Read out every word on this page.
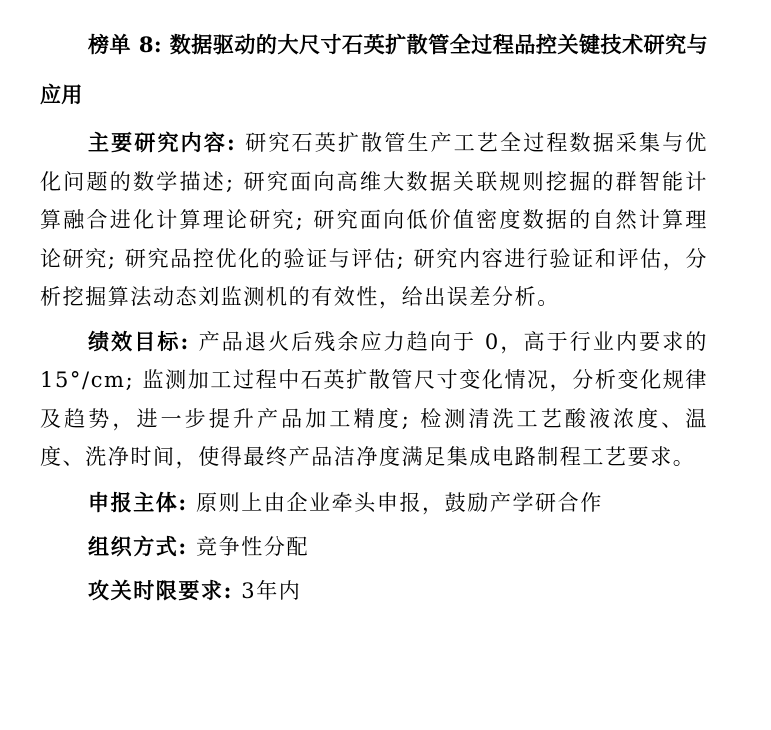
榜单 8: 数据驱动的大尺寸石英扩散管全过程品控关键技术研究与应用

主要研究内容: 研究石英扩散管生产工艺全过程数据采集与优化问题的数学描述; 研究面向高维大数据关联规则挖掘的群智能计算融合进化计算理论研究; 研究面向低价值密度数据的自然计算理论研究; 研究品控优化的验证与评估; 研究内容进行验证和评估，分析挖掘算法动态刘监测机的有效性，给出误差分析。

绩效目标: 产品退火后残余应力趋向于 0，高于行业内要求的 15°/cm; 监测加工过程中石英扩散管尺寸变化情况，分析变化规律及趋势，进一步提升产品加工精度; 检测清洗工艺酸液浓度、温度、洗净时间，使得最终产品洁净度满足集成电路制程工艺要求。

申报主体: 原则上由企业牵头申报，鼓励产学研合作

组织方式: 竞争性分配

攻关时限要求: 3年内
